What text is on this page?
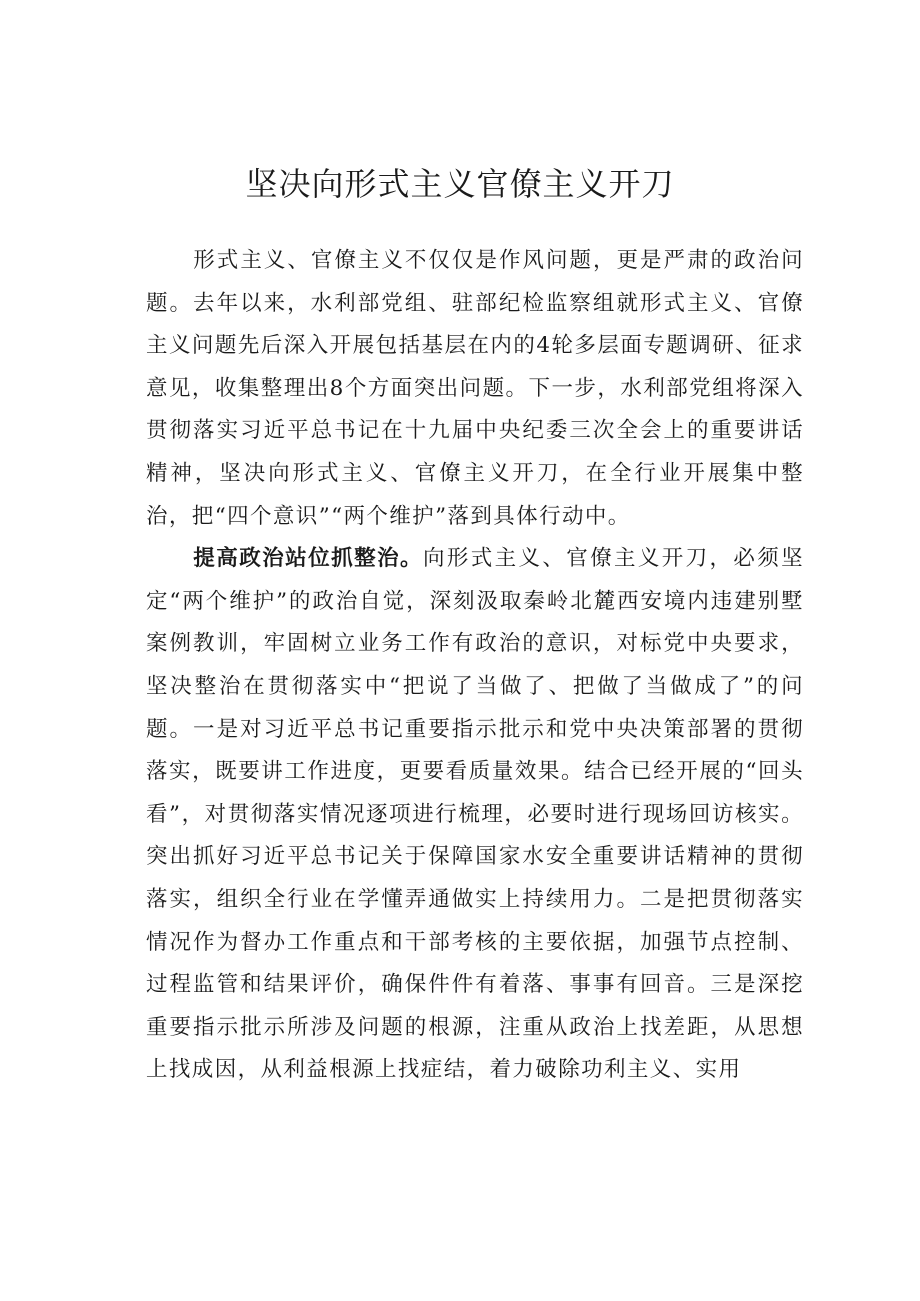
坚决向形式主义官僚主义开刀

形式主义、官僚主义不仅仅是作风问题，更是严肃的政治问题。去年以来，水利部党组、驻部纪检监察组就形式主义、官僚主义问题先后深入开展包括基层在内的4轮多层面专题调研、征求意见，收集整理出8个方面突出问题。下一步，水利部党组将深入贯彻落实习近平总书记在十九届中央纪委三次全会上的重要讲话精神，坚决向形式主义、官僚主义开刀，在全行业开展集中整治，把“四个意识”“两个维护”落到具体行动中。

提高政治站位抓整治。向形式主义、官僚主义开刀，必须坚定“两个维护”的政治自觉，深刻汲取秦岭北麓西安境内违建别墅案例教训，牢固树立业务工作有政治的意识，对标党中央要求，坚决整治在贯彻落实中“把说了当做了、把做了当做成了”的问题。一是对习近平总书记重要指示批示和党中央决策部署的贯彻落实，既要讲工作进度，更要看质量效果。结合已经开展的“回头看”，对贯彻落实情况逐项进行梳理，必要时进行现场回访核实。突出抓好习近平总书记关于保障国家水安全重要讲话精神的贯彻落实，组织全行业在学懂弄通做实上持续用力。二是把贯彻落实情况作为督办工作重点和干部考核的主要依据，加强节点控制、过程监管和结果评价，确保件件有着落、事事有回音。三是深挖重要指示批示所涉及问题的根源，注重从政治上找差距，从思想上找成因，从利益根源上找症结，着力破除功利主义、实用
